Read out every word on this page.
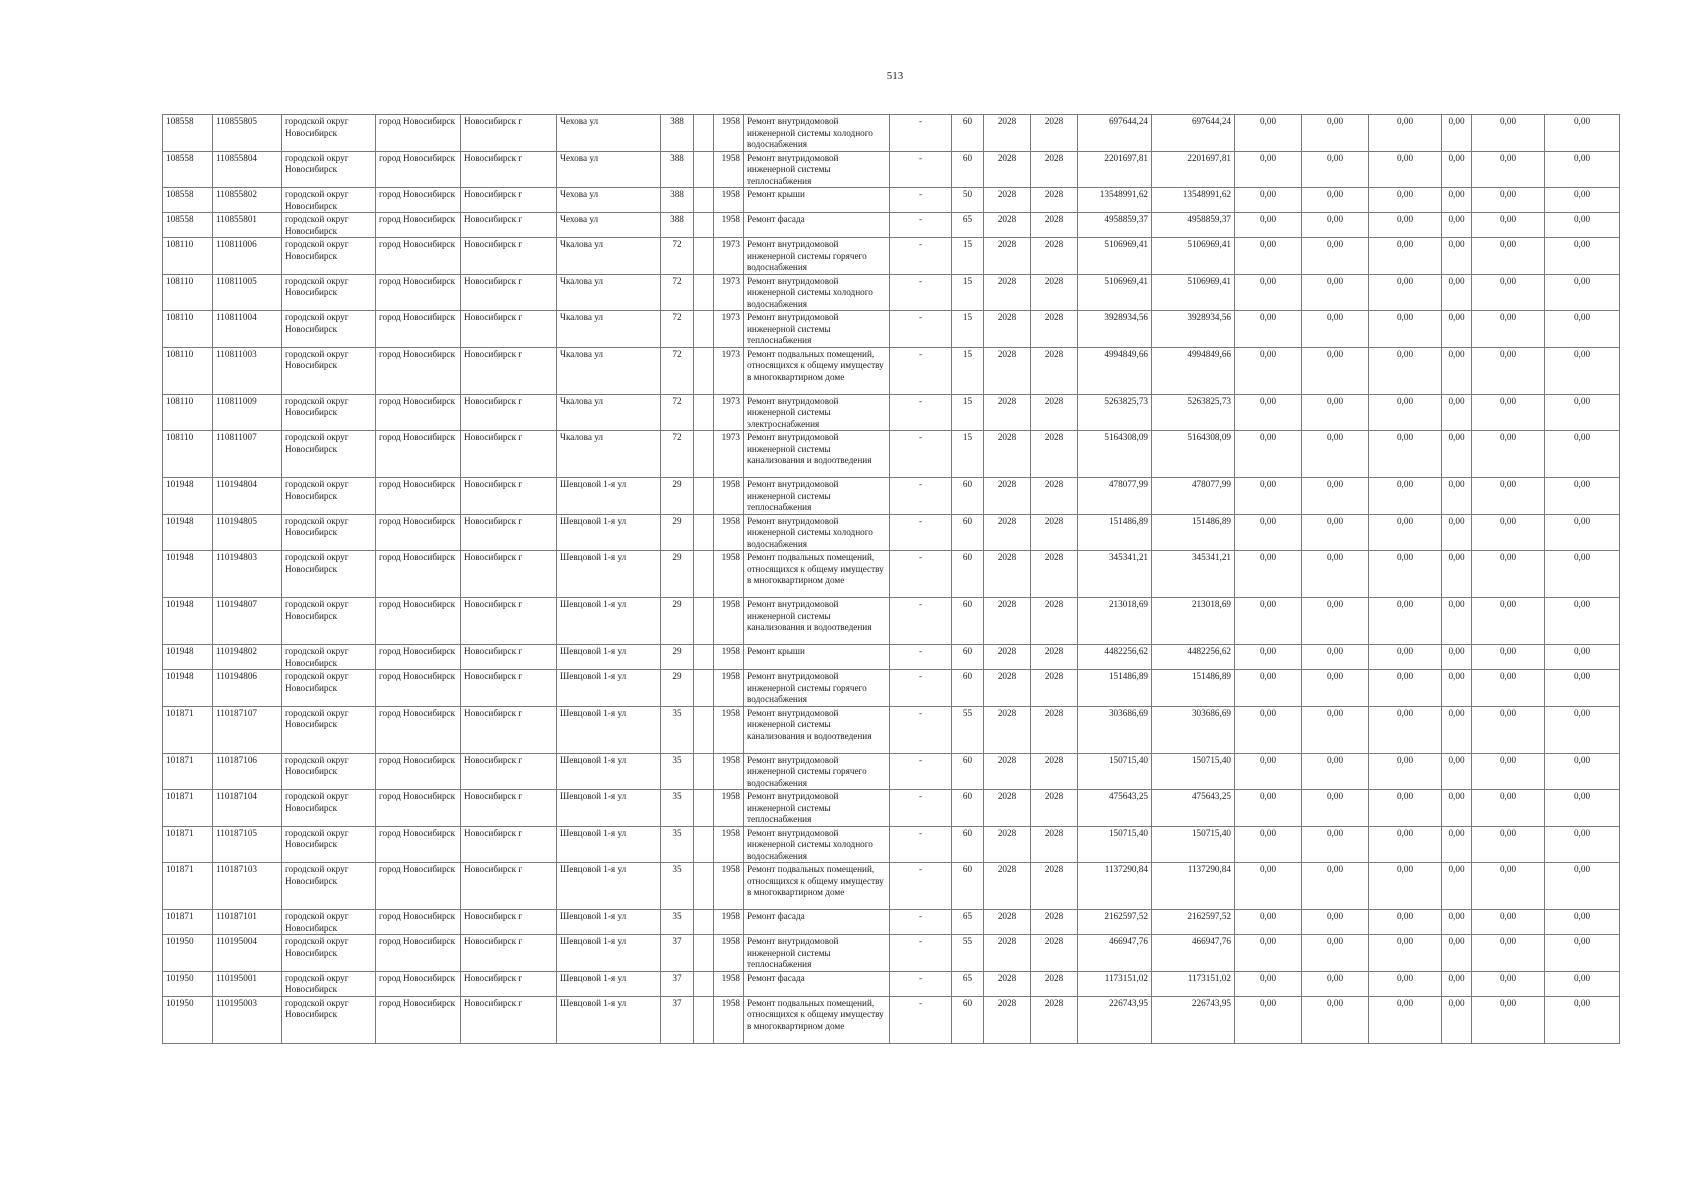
513
108558	110855805	городской округ Новосибирск	город Новосибирск	Новосибирск г	Чехова ул	388		1958	Ремонт внутридомовой инженерной системы холодного водоснабжения	-	60	2028	2028	697644,24	697644,24	0,00	0,00	0,00	0,00	0,00	0,00
108558	110855804	городской округ Новосибирск	город Новосибирск	Новосибирск г	Чехова ул	388		1958	Ремонт внутридомовой инженерной системы теплоснабжения	-	60	2028	2028	2201697,81	2201697,81	0,00	0,00	0,00	0,00	0,00	0,00
108558	110855802	городской округ Новосибирск	город Новосибирск	Новосибирск г	Чехова ул	388		1958	Ремонт крыши	-	50	2028	2028	13548991,62	13548991,62	0,00	0,00	0,00	0,00	0,00	0,00
108558	110855801	городской округ Новосибирск	город Новосибирск	Новосибирск г	Чехова ул	388		1958	Ремонт фасада	-	65	2028	2028	4958859,37	4958859,37	0,00	0,00	0,00	0,00	0,00	0,00
108110	110811006	городской округ Новосибирск	город Новосибирск	Новосибирск г	Чкалова ул	72		1973	Ремонт внутридомовой инженерной системы горячего водоснабжения	-	15	2028	2028	5106969,41	5106969,41	0,00	0,00	0,00	0,00	0,00	0,00
108110	110811005	городской округ Новосибирск	город Новосибирск	Новосибирск г	Чкалова ул	72		1973	Ремонт внутридомовой инженерной системы холодного водоснабжения	-	15	2028	2028	5106969,41	5106969,41	0,00	0,00	0,00	0,00	0,00	0,00
108110	110811004	городской округ Новосибирск	город Новосибирск	Новосибирск г	Чкалова ул	72		1973	Ремонт внутридомовой инженерной системы теплоснабжения	-	15	2028	2028	3928934,56	3928934,56	0,00	0,00	0,00	0,00	0,00	0,00
108110	110811003	городской округ Новосибирск	город Новосибирск	Новосибирск г	Чкалова ул	72		1973	Ремонт подвальных помещений, относящихся к общему имуществу в многоквартирном доме	-	15	2028	2028	4994849,66	4994849,66	0,00	0,00	0,00	0,00	0,00	0,00
108110	110811009	городской округ Новосибирск	город Новосибирск	Новосибирск г	Чкалова ул	72		1973	Ремонт внутридомовой инженерной системы электроснабжения	-	15	2028	2028	5263825,73	5263825,73	0,00	0,00	0,00	0,00	0,00	0,00
108110	110811007	городской округ Новосибирск	город Новосибирск	Новосибирск г	Чкалова ул	72		1973	Ремонт внутридомовой инженерной системы канализования и водоотведения	-	15	2028	2028	5164308,09	5164308,09	0,00	0,00	0,00	0,00	0,00	0,00
101948	110194804	городской округ Новосибирск	город Новосибирск	Новосибирск г	Шевцовой 1-я ул	29		1958	Ремонт внутридомовой инженерной системы теплоснабжения	-	60	2028	2028	478077,99	478077,99	0,00	0,00	0,00	0,00	0,00	0,00
101948	110194805	городской округ Новосибирск	город Новосибирск	Новосибирск г	Шевцовой 1-я ул	29		1958	Ремонт внутридомовой инженерной системы холодного водоснабжения	-	60	2028	2028	151486,89	151486,89	0,00	0,00	0,00	0,00	0,00	0,00
101948	110194803	городской округ Новосибирск	город Новосибирск	Новосибирск г	Шевцовой 1-я ул	29		1958	Ремонт подвальных помещений, относящихся к общему имуществу в многоквартирном доме	-	60	2028	2028	345341,21	345341,21	0,00	0,00	0,00	0,00	0,00	0,00
101948	110194807	городской округ Новосибирск	город Новосибирск	Новосибирск г	Шевцовой 1-я ул	29		1958	Ремонт внутридомовой инженерной системы канализования и водоотведения	-	60	2028	2028	213018,69	213018,69	0,00	0,00	0,00	0,00	0,00	0,00
101948	110194802	городской округ Новосибирск	город Новосибирск	Новосибирск г	Шевцовой 1-я ул	29		1958	Ремонт крыши	-	60	2028	2028	4482256,62	4482256,62	0,00	0,00	0,00	0,00	0,00	0,00
101948	110194806	городской округ Новосибирск	город Новосибирск	Новосибирск г	Шевцовой 1-я ул	29		1958	Ремонт внутридомовой инженерной системы горячего водоснабжения	-	60	2028	2028	151486,89	151486,89	0,00	0,00	0,00	0,00	0,00	0,00
101871	110187107	городской округ Новосибирск	город Новосибирск	Новосибирск г	Шевцовой 1-я ул	35		1958	Ремонт внутридомовой инженерной системы канализования и водоотведения	-	55	2028	2028	303686,69	303686,69	0,00	0,00	0,00	0,00	0,00	0,00
101871	110187106	городской округ Новосибирск	город Новосибирск	Новосибирск г	Шевцовой 1-я ул	35		1958	Ремонт внутридомовой инженерной системы горячего водоснабжения	-	60	2028	2028	150715,40	150715,40	0,00	0,00	0,00	0,00	0,00	0,00
101871	110187104	городской округ Новосибирск	город Новосибирск	Новосибирск г	Шевцовой 1-я ул	35		1958	Ремонт внутридомовой инженерной системы теплоснабжения	-	60	2028	2028	475643,25	475643,25	0,00	0,00	0,00	0,00	0,00	0,00
101871	110187105	городской округ Новосибирск	город Новосибирск	Новосибирск г	Шевцовой 1-я ул	35		1958	Ремонт внутридомовой инженерной системы холодного водоснабжения	-	60	2028	2028	150715,40	150715,40	0,00	0,00	0,00	0,00	0,00	0,00
101871	110187103	городской округ Новосибирск	город Новосибирск	Новосибирск г	Шевцовой 1-я ул	35		1958	Ремонт подвальных помещений, относящихся к общему имуществу в многоквартирном доме	-	60	2028	2028	1137290,84	1137290,84	0,00	0,00	0,00	0,00	0,00	0,00
101871	110187101	городской округ Новосибирск	город Новосибирск	Новосибирск г	Шевцовой 1-я ул	35		1958	Ремонт фасада	-	65	2028	2028	2162597,52	2162597,52	0,00	0,00	0,00	0,00	0,00	0,00
101950	110195004	городской округ Новосибирск	город Новосибирск	Новосибирск г	Шевцовой 1-я ул	37		1958	Ремонт внутридомовой инженерной системы теплоснабжения	-	55	2028	2028	466947,76	466947,76	0,00	0,00	0,00	0,00	0,00	0,00
101950	110195001	городской округ Новосибирск	город Новосибирск	Новосибирск г	Шевцовой 1-я ул	37		1958	Ремонт фасада	-	65	2028	2028	1173151,02	1173151,02	0,00	0,00	0,00	0,00	0,00	0,00
101950	110195003	городской округ Новосибирск	город Новосибирск	Новосибирск г	Шевцовой 1-я ул	37		1958	Ремонт подвальных помещений, относящихся к общему имуществу в многоквартирном доме	-	60	2028	2028	226743,95	226743,95	0,00	0,00	0,00	0,00	0,00	0,00
